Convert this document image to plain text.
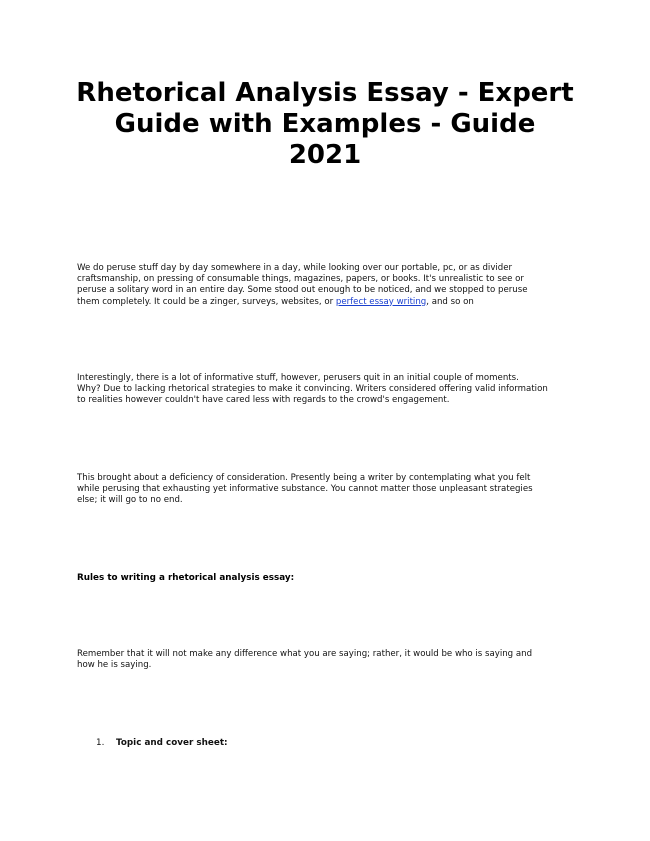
Rhetorical Analysis Essay - Expert
Guide with Examples - Guide
2021

We do peruse stuff day by day somewhere in a day, while looking over our portable, pc, or as divider
craftsmanship, on pressing of consumable things, magazines, papers, or books. It's unrealistic to see or
peruse a solitary word in an entire day. Some stood out enough to be noticed, and we stopped to peruse
them completely. It could be a zinger, surveys, websites, or perfect essay writing, and so on

Interestingly, there is a lot of informative stuff, however, perusers quit in an initial couple of moments.
Why? Due to lacking rhetorical strategies to make it convincing. Writers considered offering valid information
to realities however couldn't have cared less with regards to the crowd's engagement.

This brought about a deficiency of consideration. Presently being a writer by contemplating what you felt
while perusing that exhausting yet informative substance. You cannot matter those unpleasant strategies
else; it will go to no end.

Rules to writing a rhetorical analysis essay:

Remember that it will not make any difference what you are saying; rather, it would be who is saying and
how he is saying.

1. Topic and cover sheet:
